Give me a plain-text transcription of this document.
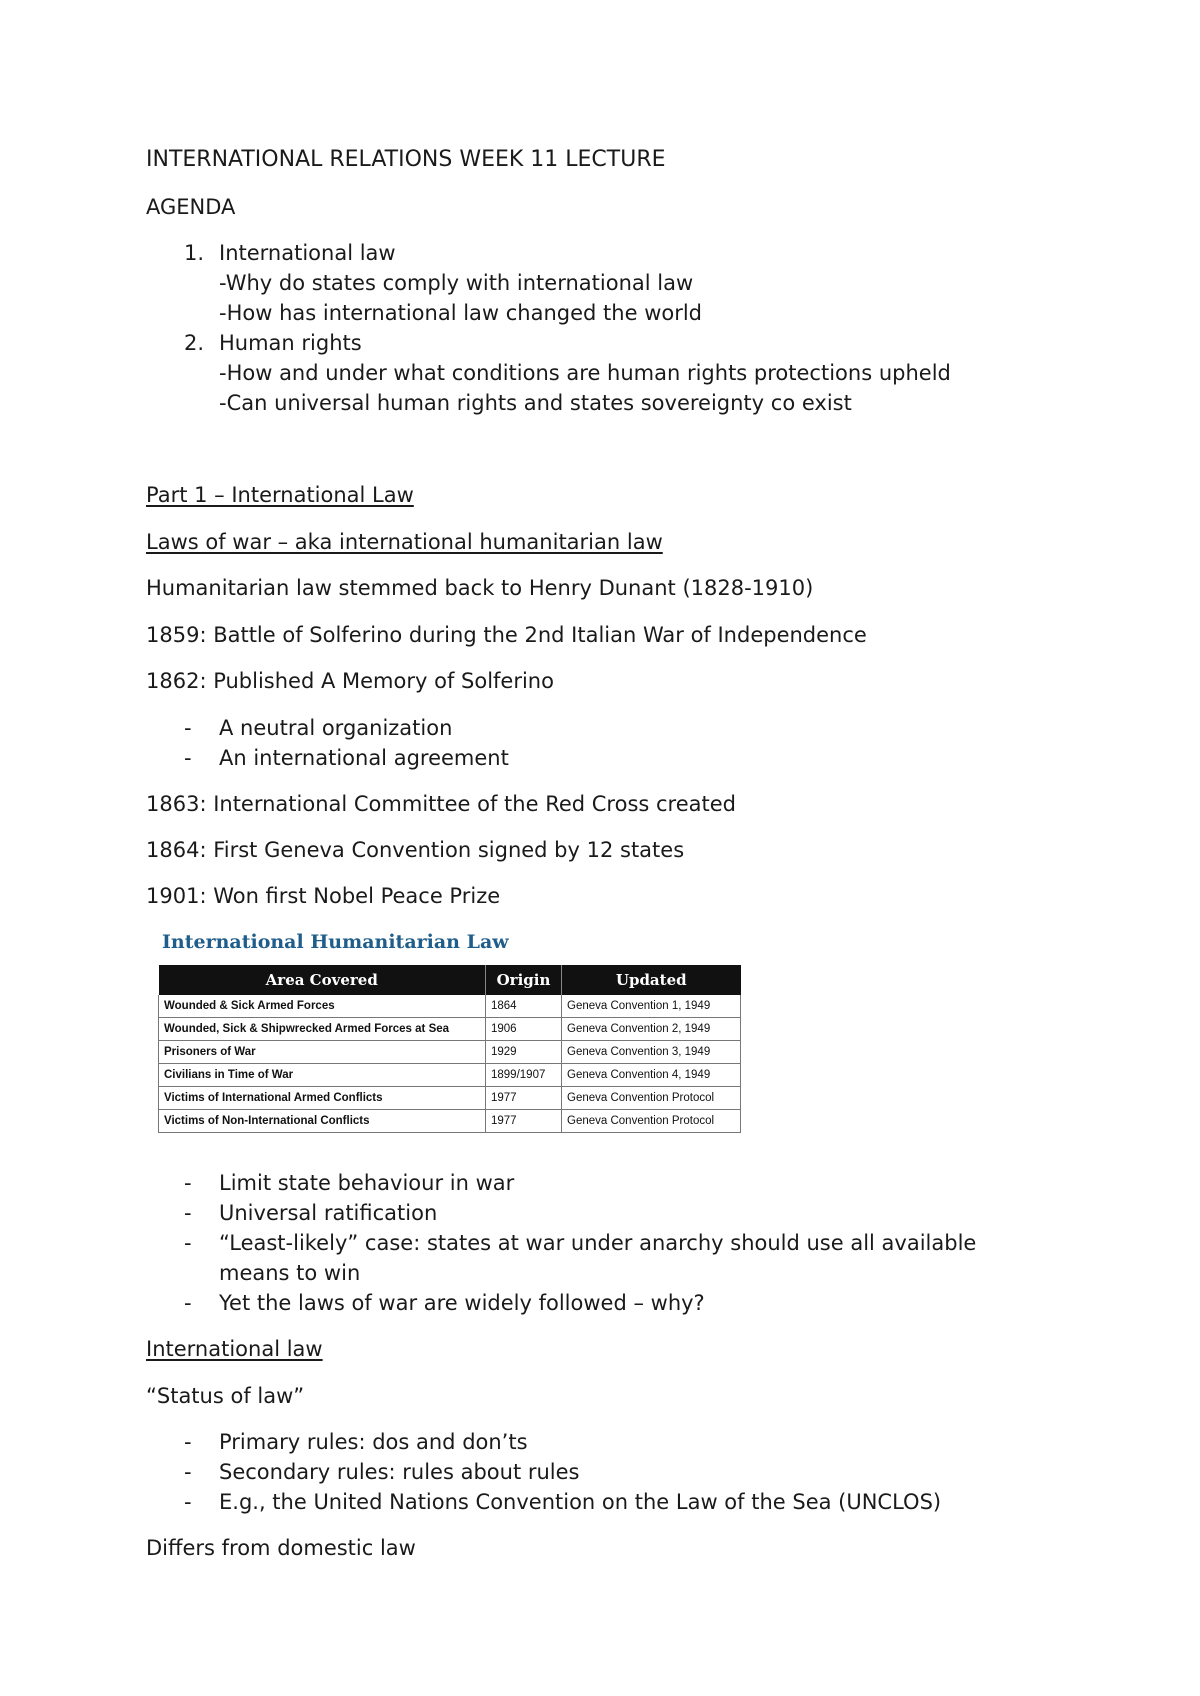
INTERNATIONAL RELATIONS WEEK 11 LECTURE
AGENDA
1. International law
-Why do states comply with international law
-How has international law changed the world
2. Human rights
-How and under what conditions are human rights protections upheld
-Can universal human rights and states sovereignty co exist
Part 1 – International Law
Laws of war – aka international humanitarian law
Humanitarian law stemmed back to Henry Dunant (1828-1910)
1859: Battle of Solferino during the 2nd Italian War of Independence
1862: Published A Memory of Solferino
- A neutral organization
- An international agreement
1863: International Committee of the Red Cross created
1864: First Geneva Convention signed by 12 states
1901: Won first Nobel Peace Prize
International Humanitarian Law
Area Covered	Origin	Updated
Wounded & Sick Armed Forces	1864	Geneva Convention 1, 1949
Wounded, Sick & Shipwrecked Armed Forces at Sea	1906	Geneva Convention 2, 1949
Prisoners of War	1929	Geneva Convention 3, 1949
Civilians in Time of War	1899/1907	Geneva Convention 4, 1949
Victims of International Armed Conflicts	1977	Geneva Convention Protocol
Victims of Non-International Conflicts	1977	Geneva Convention Protocol
- Limit state behaviour in war
- Universal ratification
- “Least-likely” case: states at war under anarchy should use all available
means to win
- Yet the laws of war are widely followed – why?
International law
“Status of law”
- Primary rules: dos and don’ts
- Secondary rules: rules about rules
- E.g., the United Nations Convention on the Law of the Sea (UNCLOS)
Differs from domestic law
